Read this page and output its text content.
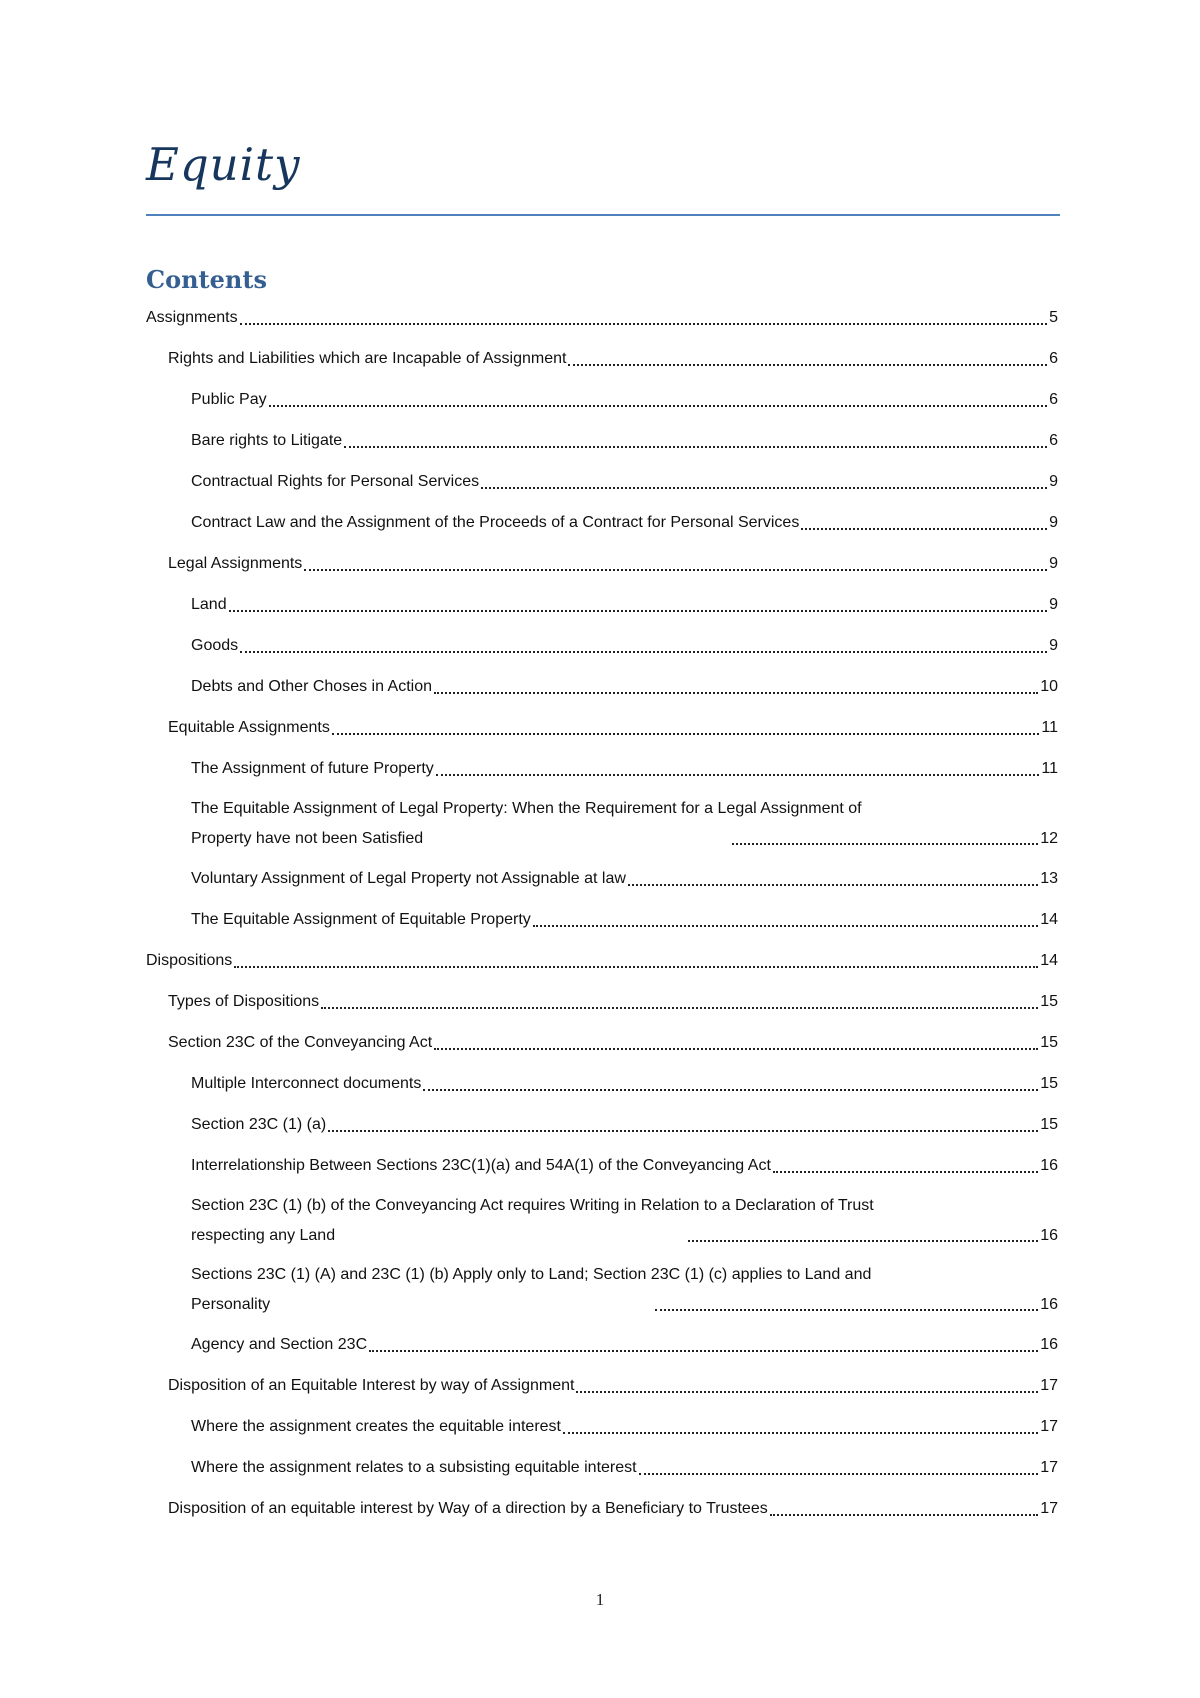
Equity
Contents
Assignments	5
Rights and Liabilities which are Incapable of Assignment	6
Public Pay	6
Bare rights to Litigate	6
Contractual Rights for Personal Services	9
Contract Law and the Assignment of the Proceeds of a Contract for Personal Services	9
Legal Assignments	9
Land	9
Goods	9
Debts and Other Choses in Action	10
Equitable Assignments	11
The Assignment of future Property	11
The Equitable Assignment of Legal Property: When the Requirement for a Legal Assignment of
Property have not been Satisfied	12
Voluntary Assignment of Legal Property not Assignable at law	13
The Equitable Assignment of Equitable Property	14
Dispositions	14
Types of Dispositions	15
Section 23C of the Conveyancing Act	15
Multiple Interconnect documents	15
Section 23C (1) (a)	15
Interrelationship Between Sections 23C(1)(a) and 54A(1) of the Conveyancing Act	16
Section 23C (1) (b) of the Conveyancing Act requires Writing in Relation to a Declaration of Trust
respecting any Land	16
Sections 23C (1) (A) and 23C (1) (b) Apply only to Land; Section 23C (1) (c) applies to Land and
Personality	16
Agency and Section 23C	16
Disposition of an Equitable Interest by way of Assignment	17
Where the assignment creates the equitable interest	17
Where the assignment relates to a subsisting equitable interest	17
Disposition of an equitable interest by Way of a direction by a Beneficiary to Trustees	17
1
